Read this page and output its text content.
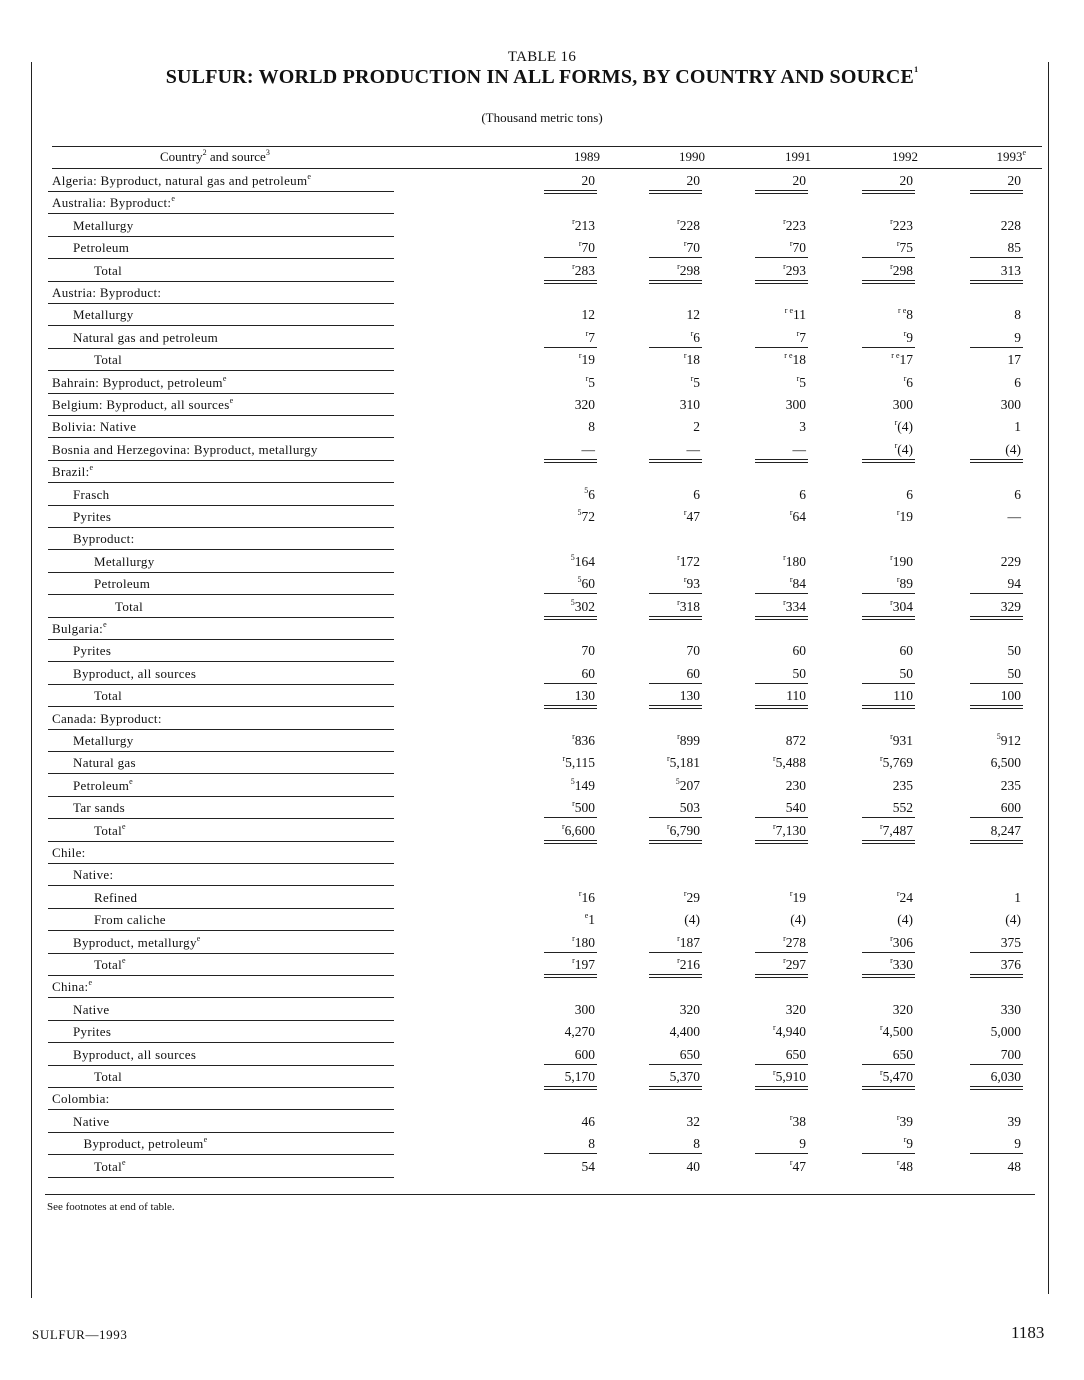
TABLE 16
SULFUR: WORLD PRODUCTION IN ALL FORMS, BY COUNTRY AND SOURCE$^1$
(Thousand metric tons)
Country$^2$ and source$^3$	1989	1990	1991	1992	1993e
Algeria: Byproduct, natural gas and petroleum$^e$	20	20	20	20	20
Australia: Byproduct:$^e$
Metallurgy	$^r$213	$^r$228	$^r$223	$^r$223	228
Petroleum	$^r$70	$^r$70	$^r$70	$^r$75	85
Total	$^r$283	$^r$298	$^r$293	$^r$298	313
Austria: Byproduct:
Metallurgy	12	12	$^{r e}$11	$^{r e}$8	8
Natural gas and petroleum	$^r$7	$^r$6	$^r$7	$^r$9	9
Total	$^r$19	$^r$18	$^{r e}$18	$^{r e}$17	17
Bahrain: Byproduct, petroleum$^e$	$^r$5	$^r$5	$^r$5	$^r$6	6
Belgium: Byproduct, all sources$^e$	320	310	300	300	300
Bolivia: Native	8	2	3	$^r$(4)	1
Bosnia and Herzegovina: Byproduct, metallurgy	—	—	—	$^r$(4)	(4)
Brazil:$^e$
Frasch	$^5$6	6	6	6	6
Pyrites	$^5$72	$^r$47	$^r$64	$^r$19	—
Byproduct:
Metallurgy	$^5$164	$^r$172	$^r$180	$^r$190	229
Petroleum	$^5$60	$^r$93	$^r$84	$^r$89	94
Total	$^5$302	$^r$318	$^r$334	$^r$304	329
Bulgaria:$^e$
Pyrites	70	70	60	60	50
Byproduct, all sources	60	60	50	50	50
Total	130	130	110	110	100
Canada: Byproduct:
Metallurgy	$^r$836	$^r$899	872	$^r$931	$^5$912
Natural gas	$^r$5,115	$^r$5,181	$^r$5,488	$^r$5,769	6,500
Petroleum$^e$	$^5$149	$^5$207	230	235	235
Tar sands	$^r$500	503	540	552	600
Total$^e$	$^r$6,600	$^r$6,790	$^r$7,130	$^r$7,487	8,247
Chile:
Native:
Refined	$^r$16	$^r$29	$^r$19	$^r$24	1
From caliche	$^e$1	(4)	(4)	(4)	(4)
Byproduct, metallurgy$^e$	$^r$180	$^r$187	$^r$278	$^r$306	375
Total$^e$	$^r$197	$^r$216	$^r$297	$^r$330	376
China:$^e$
Native	300	320	320	320	330
Pyrites	4,270	4,400	$^r$4,940	$^r$4,500	5,000
Byproduct, all sources	600	650	650	650	700
Total	5,170	5,370	$^r$5,910	$^r$5,470	6,030
Colombia:
Native	46	32	$^r$38	$^r$39	39
Byproduct, petroleum$^e$	8	8	9	$^r$9	9
Total$^e$	54	40	$^r$47	$^r$48	48
See footnotes at end of table.
SULFUR—1993	1183
